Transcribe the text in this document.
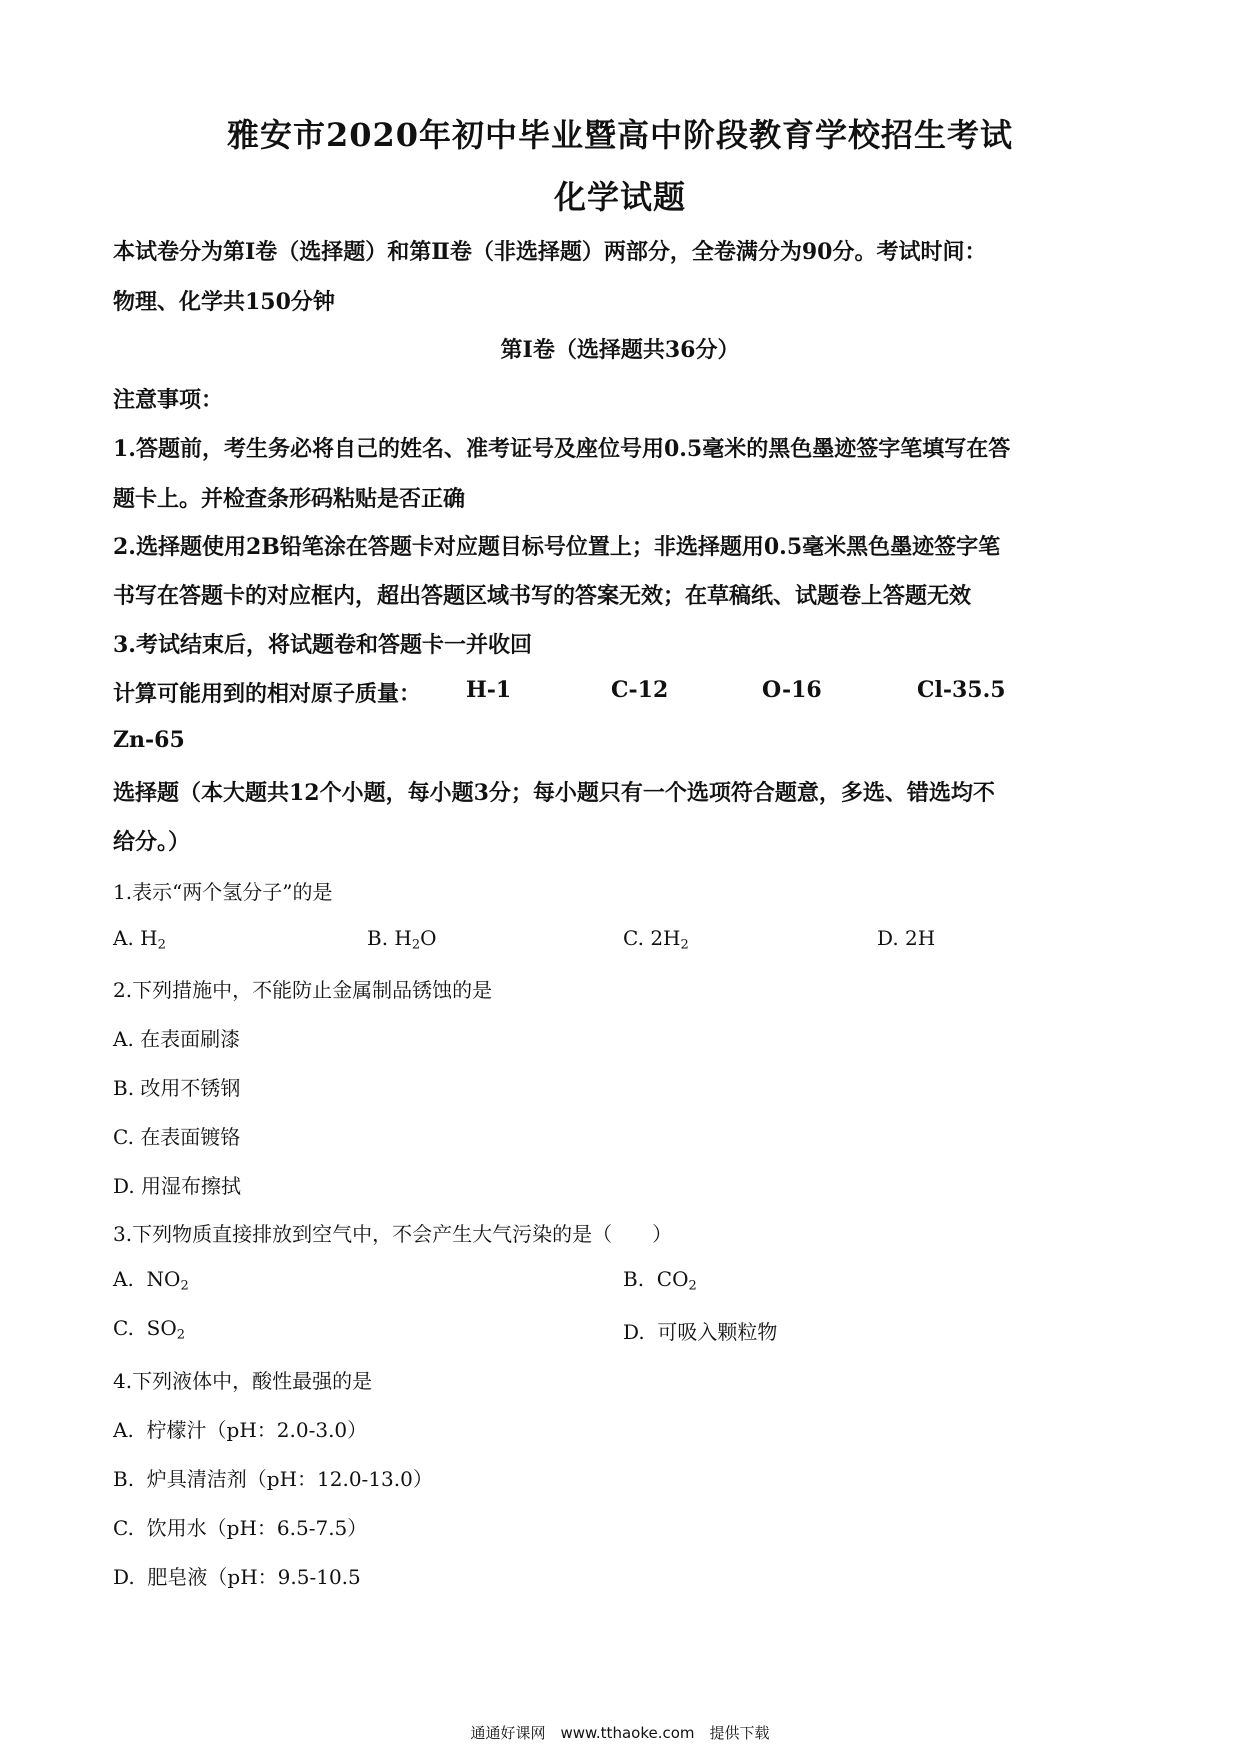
雅安市2020年初中毕业暨高中阶段教育学校招生考试
化学试题
本试卷分为第Ⅰ卷（选择题）和第Ⅱ卷（非选择题）两部分，全卷满分为90分。考试时间：
物理、化学共150分钟
第Ⅰ卷（选择题共36分）
注意事项：
1.答题前，考生务必将自己的姓名、准考证号及座位号用0.5毫米的黑色墨迹签字笔填写在答
题卡上。并检查条形码粘贴是否正确
2.选择题使用2B铅笔涂在答题卡对应题目标号位置上；非选择题用0.5毫米黑色墨迹签字笔
书写在答题卡的对应框内，超出答题区域书写的答案无效；在草稿纸、试题卷上答题无效
3.考试结束后，将试题卷和答题卡一并收回
计算可能用到的相对原子质量： H-1	C-12	O-16	Cl-35.5
Zn-65
选择题（本大题共12个小题，每小题3分；每小题只有一个选项符合题意，多选、错选均不
给分。）
1.表示“两个氢分子”的是
A. $H_2$	B. $H_2O$	C. $2H_2$	D. 2H
2.下列措施中，不能防止金属制品锈蚀的是
A. 在表面刷漆
B. 改用不锈钢
C. 在表面镀铬
D. 用湿布擦拭
3.下列物质直接排放到空气中，不会产生大气污染的是（　　）
A. $NO_2$	B. $CO_2$
C. $SO_2$	D. 可吸入颗粒物
4.下列液体中，酸性最强的是
A. 柠檬汁（pH：2.0-3.0）
B. 炉具清洁剂（pH：12.0-13.0）
C. 饮用水（pH：6.5-7.5）
D. 肥皂液（pH：9.5-10.5
通通好课网　www.tthaoke.com　提供下载
